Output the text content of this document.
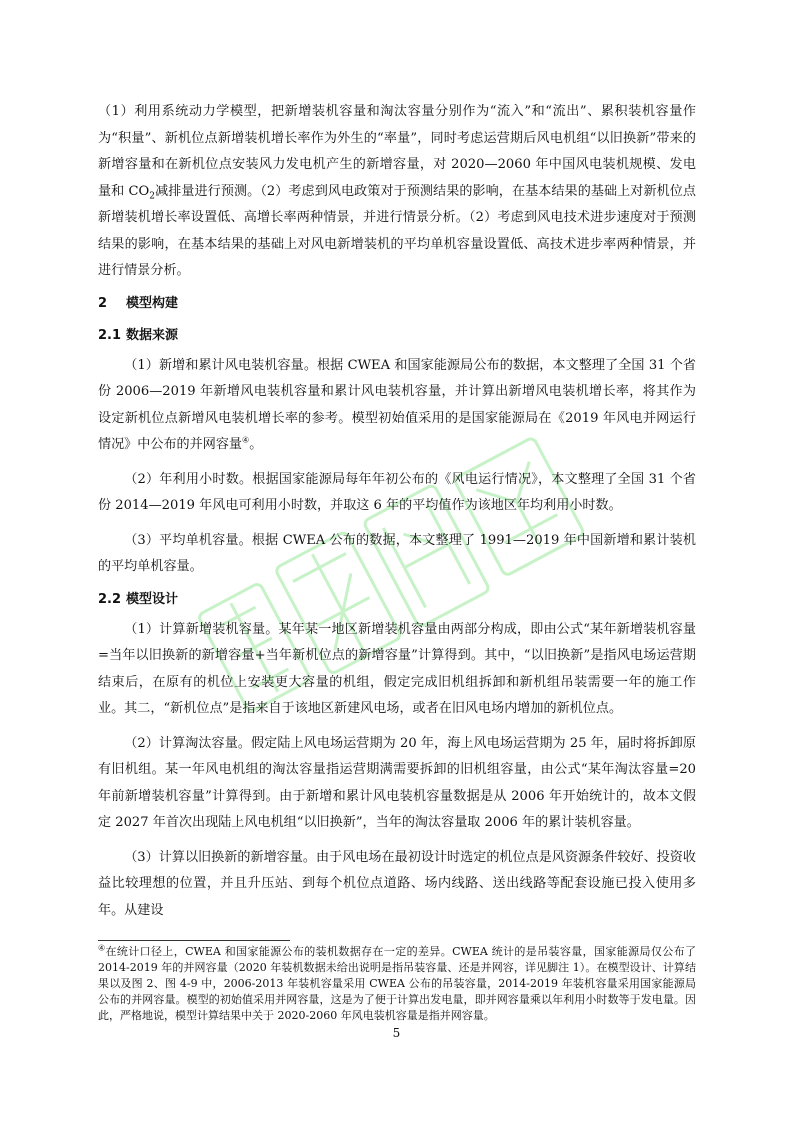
（1）利用系统动力学模型，把新增装机容量和淘汰容量分别作为“流入”和“流出”、累积装机容量作为“积量”、新机位点新增装机增长率作为外生的“率量”，同时考虑运营期后风电机组“以旧换新”带来的新增容量和在新机位点安装风力发电机产生的新增容量，对 2020—2060 年中国风电装机规模、发电量和 $CO_2$减排量进行预测。（2）考虑到风电政策对于预测结果的影响，在基本结果的基础上对新机位点新增装机增长率设置低、高增长率两种情景，并进行情景分析。（2）考虑到风电技术进步速度对于预测结果的影响，在基本结果的基础上对风电新增装机的平均单机容量设置低、高技术进步率两种情景，并进行情景分析。

2 模型构建
2.1 数据来源

（1）新增和累计风电装机容量。根据 CWEA 和国家能源局公布的数据，本文整理了全国 31 个省份 2006—2019 年新增风电装机容量和累计风电装机容量，并计算出新增风电装机增长率，将其作为设定新机位点新增风电装机增长率的参考。模型初始值采用的是国家能源局在《2019 年风电并网运行情况》中公布的并网容量④。

（2）年利用小时数。根据国家能源局每年年初公布的《风电运行情况》，本文整理了全国 31 个省份 2014—2019 年风电可利用小时数，并取这 6 年的平均值作为该地区年均利用小时数。

（3）平均单机容量。根据 CWEA 公布的数据，本文整理了 1991—2019 年中国新增和累计装机的平均单机容量。

2.2 模型设计

（1）计算新增装机容量。某年某一地区新增装机容量由两部分构成，即由公式“某年新增装机容量=当年以旧换新的新增容量+当年新机位点的新增容量”计算得到。其中，“以旧换新”是指风电场运营期结束后，在原有的机位上安装更大容量的机组，假定完成旧机组拆卸和新机组吊装需要一年的施工作业。其二，“新机位点”是指来自于该地区新建风电场，或者在旧风电场内增加的新机位点。

（2）计算淘汰容量。假定陆上风电场运营期为 20 年，海上风电场运营期为 25 年，届时将拆卸原有旧机组。某一年风电机组的淘汰容量指运营期满需要拆卸的旧机组容量，由公式“某年淘汰容量=20 年前新增装机容量”计算得到。由于新增和累计风电装机容量数据是从 2006 年开始统计的，故本文假定 2027 年首次出现陆上风电机组“以旧换新”，当年的淘汰容量取 2006 年的累计装机容量。

（3）计算以旧换新的新增容量。由于风电场在最初设计时选定的机位点是风资源条件较好、投资收益比较理想的位置，并且升压站、到每个机位点道路、场内线路、送出线路等配套设施已投入使用多年。从建设

④在统计口径上，CWEA 和国家能源公布的装机数据存在一定的差异。CWEA 统计的是吊装容量，国家能源局仅公布了 2014-2019 年的并网容量（2020 年装机数据未给出说明是指吊装容量、还是并网容，详见脚注 1）。在模型设计、计算结果以及图 2、图 4-9 中，2006-2013 年装机容量采用 CWEA 公布的吊装容量，2014-2019 年装机容量采用国家能源局公布的并网容量。模型的初始值采用并网容量，这是为了便于计算出发电量，即并网容量乘以年利用小时数等于发电量。因此，严格地说，模型计算结果中关于 2020-2060 年风电装机容量是指并网容量。
5
